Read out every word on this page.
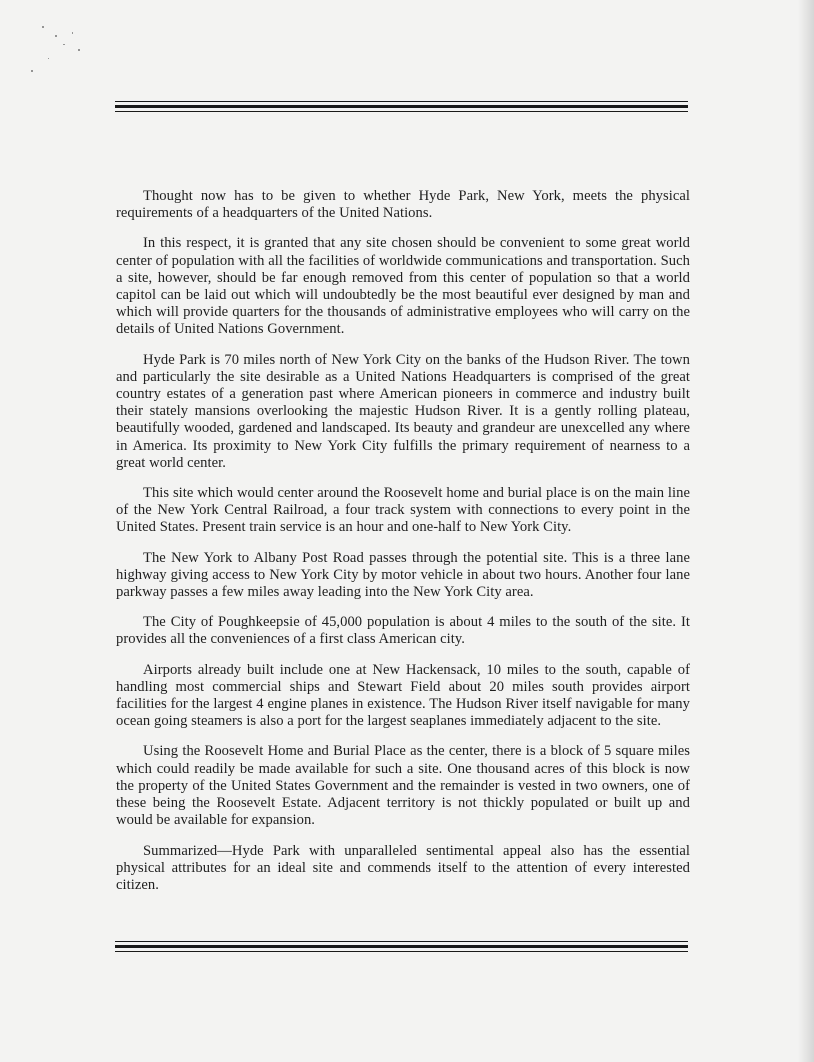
Thought now has to be given to whether Hyde Park, New York, meets the physical requirements of a headquarters of the United Nations.

In this respect, it is granted that any site chosen should be convenient to some great world center of population with all the facilities of worldwide communications and transportation. Such a site, however, should be far enough removed from this center of population so that a world capitol can be laid out which will undoubtedly be the most beautiful ever designed by man and which will provide quarters for the thousands of administrative employees who will carry on the details of United Nations Government.

Hyde Park is 70 miles north of New York City on the banks of the Hudson River. The town and particularly the site desirable as a United Nations Headquarters is comprised of the great country estates of a generation past where American pioneers in commerce and industry built their stately mansions overlooking the majestic Hudson River. It is a gently rolling plateau, beautifully wooded, gardened and landscaped. Its beauty and grandeur are unexcelled any where in America. Its proximity to New York City fulfills the primary requirement of nearness to a great world center.

This site which would center around the Roosevelt home and burial place is on the main line of the New York Central Railroad, a four track system with connections to every point in the United States. Present train service is an hour and one-half to New York City.

The New York to Albany Post Road passes through the potential site. This is a three lane highway giving access to New York City by motor vehicle in about two hours. Another four lane parkway passes a few miles away leading into the New York City area.

The City of Poughkeepsie of 45,000 population is about 4 miles to the south of the site. It provides all the conveniences of a first class American city.

Airports already built include one at New Hackensack, 10 miles to the south, capable of handling most commercial ships and Stewart Field about 20 miles south provides airport facilities for the largest 4 engine planes in existence. The Hudson River itself navigable for many ocean going steamers is also a port for the largest seaplanes immediately adjacent to the site.

Using the Roosevelt Home and Burial Place as the center, there is a block of 5 square miles which could readily be made available for such a site. One thousand acres of this block is now the property of the United States Government and the remainder is vested in two owners, one of these being the Roosevelt Estate. Adjacent territory is not thickly populated or built up and would be available for expansion.

Summarized—Hyde Park with unparalleled sentimental appeal also has the essential physical attributes for an ideal site and commends itself to the attention of every interested citizen.
